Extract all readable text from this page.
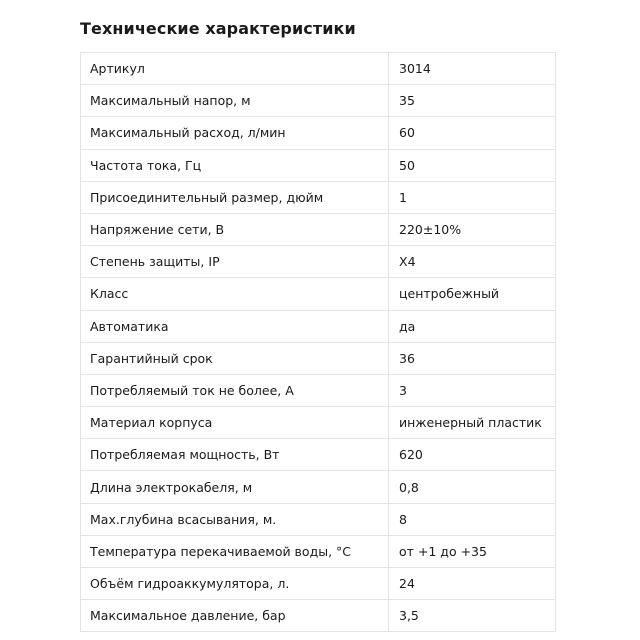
Технические характеристики
Артикул	3014
Максимальный напор, м	35
Максимальный расход, л/мин	60
Частота тока, Гц	50
Присоединительный размер, дюйм	1
Напряжение сети, В	220±10%
Степень защиты, IP	X4
Класс	центробежный
Автоматика	да
Гарантийный срок	36
Потребляемый ток не более, А	3
Материал корпуса	инженерный пластик
Потребляемая мощность, Вт	620
Длина электрокабеля, м	0,8
Max.глубина всасывания, м.	8
Температура перекачиваемой воды, °C	от +1 до +35
Объём гидроаккумулятора, л.	24
Максимальное давление, бар	3,5
